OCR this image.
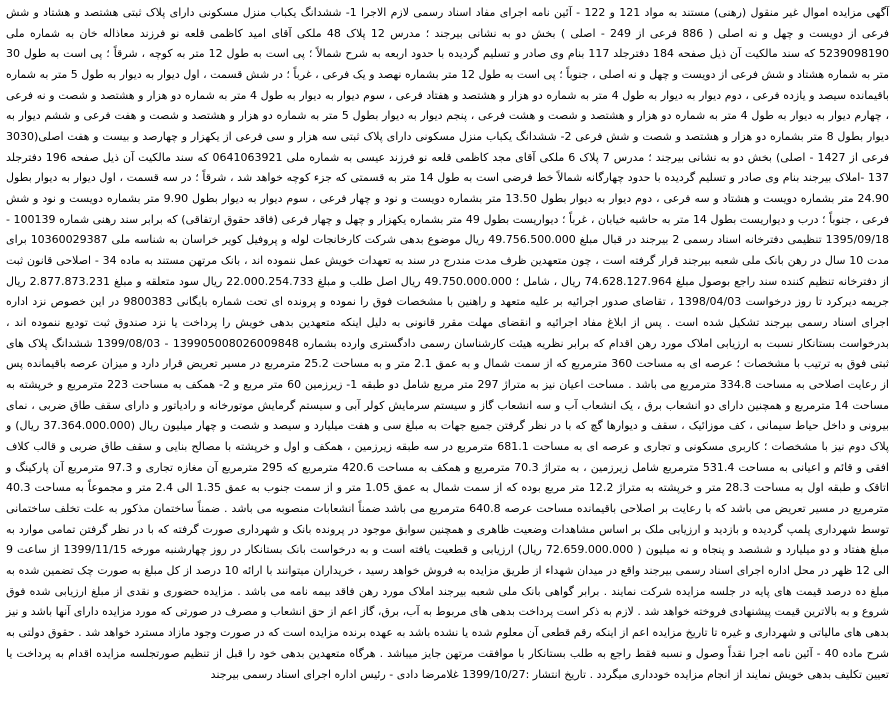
آگهی مزایده اموال غیر منقول (رهنی) مستند به مواد 121 و 122 - آئین نامه اجرای مفاد اسناد رسمی لازم الاجرا 1- ششدانگ یکباب منزل مسکونی دارای پلاک ثبتی هشتصد و هشتاد و شش فرعی از دویست و چهل و نه اصلی ( 886 فرعی از 249 - اصلی ) بخش دو به نشانی بیرجند ؛ مدرس 12 پلاک 48 ملکی آقای امید کاظمی قلعه نو فرزند معاذاله خان به شماره ملی 5239098190 که سند مالکیت آن ذیل صفحه 184 دفترجلد 117 بنام وی صادر و تسلیم گردیده با حدود اربعه به شرح شمالاً ؛ پی است به طول 12 متر به کوچه ، شرقاً ؛ پی است به طول 30 متر به شماره هشتاد و شش فرعی از دویست و چهل و نه اصلی ، جنوباً ؛ پی است به طول 12 متر بشماره نهصد و یک فرعی ، غرباً ؛ در شش قسمت ، اول دیوار به دیوار به طول 5 متر به شماره باقیمانده سیصد و یازده فرعی ، دوم دیوار به دیوار به طول 4 متر به شماره دو هزار و هشتصد و هفتاد فرعی ، سوم دیوار به دیوار به طول 4 متر به شماره دو هزار و هشتصد و شصت و نه فرعی ، چهارم دیوار به دیوار به طول 4 متر به شماره دو هزار و هشتصد و شصت و هشت فرعی ، پنجم دیوار به دیوار بطول 5 متر به شماره دو هزار و هشتصد و شصت و هفت فرعی و ششم دیوار به دیوار بطول 8 متر بشماره دو هزار و هشتصد و شصت و شش فرعی 2- ششدانگ یکباب منزل مسکونی دارای پلاک ثبتی سه هزار و سی فرعی از یکهزار و چهارصد و بیست و هفت اصلی(3030 فرعی از 1427 - اصلی) بخش دو به نشانی بیرجند ؛ مدرس 7 پلاک 6 ملکی آقای مجد کاظمی قلعه نو فرزند عیسی به شماره ملی 0641063921 که سند مالکیت آن ذیل صفحه 196 دفترجلد 137 -املاک بیرجند بنام وی صادر و تسلیم گردیده با حدود چهارگانه شمالاً خط فرضی است به طول 14 متر به قسمتی که جزء کوچه خواهد شد ، شرقاً ؛ در سه قسمت ، اول دیوار به دیوار بطول 24.90 متر بشماره دویست و هشتاد و سه فرعی ، دوم دیوار به دیوار بطول 13.50 متر بشماره دویست و نود و چهار فرعی ، سوم دیوار به دیوار بطول 9.90 متر بشماره دویست و نود و شش فرعی ، جنوباً ؛ درب و دیواریست بطول 14 متر به حاشیه خیابان ، غرباً ؛ دیواریست بطول 49 متر بشماره یکهزار و چهل و چهار فرعی (فاقد حقوق ارتفاقی) که برابر سند رهنی شماره 100139 - 1395/09/18 تنظیمی دفترخانه اسناد رسمی 2 بیرجند در قبال مبلغ 49.756.500.000 ریال موضوع بدهی شرکت کارخانجات لوله و پروفیل کویر خراسان به شناسه ملی 10360029387 برای مدت 10 سال در رهن بانک ملی شعبه بیرجند قرار گرفته است ، چون متعهدین ظرف مدت مندرج در سند به تعهدات خویش عمل ننموده اند ، بانک مرتهن مستند به ماده 34 - اصلاحی قانون ثبت از دفترخانه تنظیم کننده سند راجع بوصول مبلغ 74.628.127.964 ریال ، شامل ؛ 49.750.000.000 ریال اصل طلب و مبلغ 22.000.254.733 ریال سود متعلقه و مبلغ 2.877.873.231 ریال جریمه دیرکرد تا روز درخواست 1398/04/03 ، تقاضای صدور اجرائیه بر علیه متعهد و راهنین با مشخصات فوق را نموده و پرونده ای تحت شماره بایگانی 9800383 در این خصوص نزد اداره اجرای اسناد رسمی بیرجند تشکیل شده است . پس از ابلاغ مفاد اجرائیه و انقضای مهلت مقرر قانونی به دلیل اینکه متعهدین بدهی خویش را پرداخت یا نزد صندوق ثبت تودیع ننموده اند ، بدرخواست بستانکار نسبت به ارزیابی املاک مورد رهن اقدام که برابر نظریه هیئت کارشناسان رسمی دادگستری وارده بشماره 139905008026009848 - 1399/08/03 ششدانگ پلاک های ثبتی فوق به ترتیب با مشخصات ؛ عرصه ای به مساحت 360 مترمربع که از سمت شمال و به عمق 2.1 متر و به مساحت 25.2 مترمربع در مسیر تعریض قرار دارد و میزان عرصه باقیمانده پس از رعایت اصلاحی به مساحت 334.8 مترمربع می باشد . مساحت اعیان نیز به متراژ 297 متر مربع شامل دو طبقه 1- زیرزمین 60 متر مربع و 2- همکف به مساحت 223 مترمربع و خرپشته به مساحت 14 مترمربع و همچنین دارای دو انشعاب برق ، یک انشعاب آب و سه انشعاب گاز و سیستم سرمایش کولر آبی و سیستم گرمایش موتورخانه و رادیاتور و دارای سقف طاق ضربی ، نمای بیرونی و داخل حیاط سیمانی ، کف موزائیک ، سقف و دیوارها گچ که با در نظر گرفتن جمیع جهات به مبلغ سی و هفت میلیارد و سیصد و شصت و چهار میلیون ریال (37.364.000.000 ریال) و پلاک دوم نیز با مشخصات ؛ کاربری مسکونی و تجاری و عرصه ای به مساحت 681.1 مترمربع در سه طبقه زیرزمین ، همکف و اول و خرپشته با مصالح بنایی و سقف طاق ضربی و قالب کلاف افقی و قائم و اعیانی به مساحت 531.4 مترمربع شامل زیرزمین ، به متراژ 70.3 مترمربع و همکف به مساحت 420.6 مترمربع که 295 مترمربع آن مغازه تجاری و 97.3 مترمربع آن پارکینگ و اتاقک و طبقه اول به مساحت 28.3 متر و خرپشته به متراژ 12.2 متر مربع بوده که از سمت شمال به عمق 1.05 متر و از سمت جنوب به عمق 1.35 الی 2.4 متر و مجموعاً به مساحت 40.3 مترمربع در مسیر تعریض می باشد که با رعایت بر اصلاحی باقیمانده مساحت عرصه 640.8 مترمربع می باشد ضمناً انشعابات منصوبه می باشد . ضمناً ساختمان مذکور به علت تخلف ساختمانی توسط شهرداری پلمپ گردیده و بازدید و ارزیابی ملک بر اساس مشاهدات وضعیت ظاهری و همچنین سوابق موجود در پرونده بانک و شهرداری صورت گرفته که با در نظر گرفتن تمامی موارد به مبلغ هفتاد و دو میلیارد و ششصد و پنجاه و نه میلیون ( 72.659.000.000 ریال) ارزیابی و قطعیت یافته است و به درخواست بانک بستانکار در روز چهارشنبه مورخه 1399/11/15 از ساعت 9 الی 12 ظهر در محل اداره اجرای اسناد رسمی بیرجند واقع در میدان شهداء از طریق مزایده به فروش خواهد رسید ، خریداران میتوانند با ارائه 10 درصد از کل مبلغ به صورت چک تضمین شده به مبلغ ده درصد قیمت های پایه در جلسه مزایده شرکت نمایند . برابر گواهی بانک ملی شعبه بیرجند املاک مورد رهن فاقد بیمه نامه می باشد . مزایده حضوری و نقدی از مبلغ ارزیابی شده فوق شروع و به بالاترین قیمت پیشنهادی فروخته خواهد شد . لازم به ذکر است پرداخت بدهی های مربوط به آب، برق، گاز اعم از حق انشعاب و مصرف در صورتی که مورد مزایده دارای آنها باشد و نیز بدهی های مالیاتی و شهرداری و غیره تا تاریخ مزایده اعم از اینکه رقم قطعی آن معلوم شده یا نشده باشد به عهده برنده مزایده است که در صورت وجود مازاد مسترد خواهد شد . حقوق دولتی به شرح ماده 40 - آئین نامه اجرا نقداً وصول و نسبه فقط راجع به طلب بستانکار با موافقت مرتهن جایز میباشد . هرگاه متعهدین بدهی خود را قبل از تنظیم صورتجلسه مزایده اقدام به پرداخت یا تعیین تکلیف بدهی خویش نمایند از انجام مزایده خودداری میگردد . تاریخ انتشار :1399/10/27 غلامرضا دادی - رئیس اداره اجرای اسناد رسمی بیرجند
